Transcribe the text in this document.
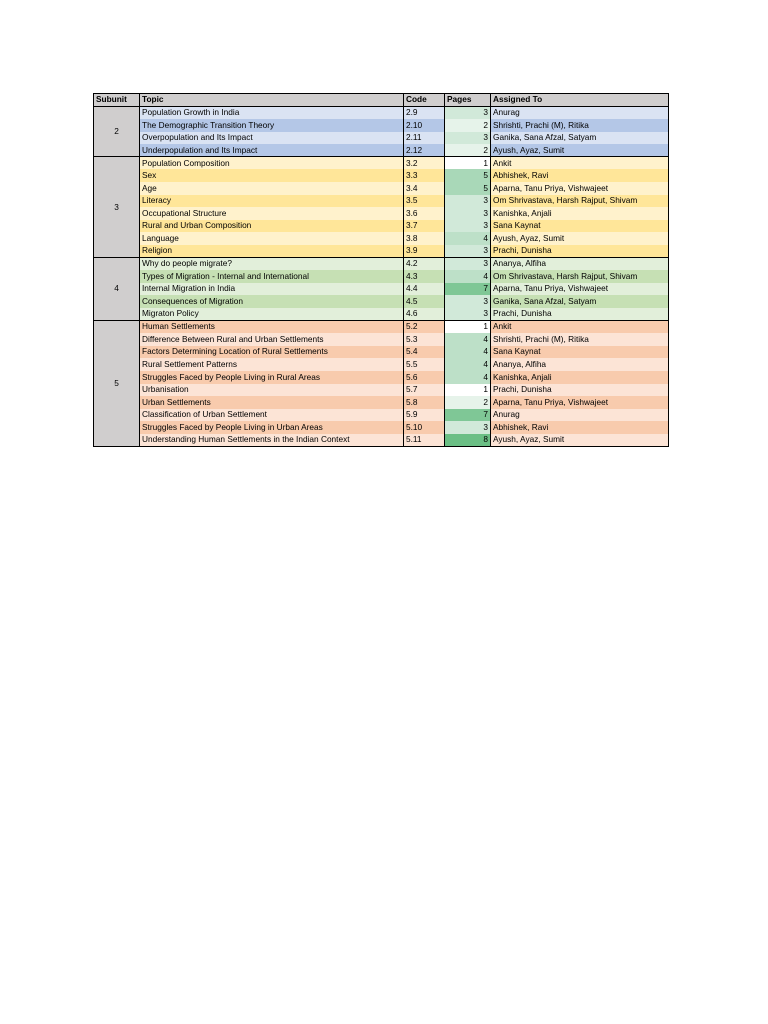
Subunit	Topic	Code	Pages	Assigned To
2	Population Growth in India	2.9	3	Anurag
	The Demographic Transition Theory	2.10	2	Shrishti, Prachi (M), Ritika
	Overpopulation and Its Impact	2.11	3	Ganika, Sana Afzal, Satyam
	Underpopulation and Its Impact	2.12	2	Ayush, Ayaz, Sumit
3	Population Composition	3.2	1	Ankit
	Sex	3.3	5	Abhishek, Ravi
	Age	3.4	5	Aparna, Tanu Priya, Vishwajeet
	Literacy	3.5	3	Om Shrivastava, Harsh Rajput, Shivam
	Occupational Structure	3.6	3	Kanishka, Anjali
	Rural and Urban Composition	3.7	3	Sana Kaynat
	Language	3.8	4	Ayush, Ayaz, Sumit
	Religion	3.9	3	Prachi, Dunisha
4	Why do people migrate?	4.2	3	Ananya, Alfiha
	Types of Migration - Internal and International	4.3	4	Om Shrivastava, Harsh Rajput, Shivam
	Internal Migration in India	4.4	7	Aparna, Tanu Priya, Vishwajeet
	Consequences of Migration	4.5	3	Ganika, Sana Afzal, Satyam
	Migraton Policy	4.6	3	Prachi, Dunisha
5	Human Settlements	5.2	1	Ankit
	Difference Between Rural and Urban Settlements	5.3	4	Shrishti, Prachi (M), Ritika
	Factors Determining Location of Rural Settlements	5.4	4	Sana Kaynat
	Rural Settlement Patterns	5.5	4	Ananya, Alfiha
	Struggles Faced by People Living in Rural Areas	5.6	4	Kanishka, Anjali
	Urbanisation	5.7	1	Prachi, Dunisha
	Urban Settlements	5.8	2	Aparna, Tanu Priya, Vishwajeet
	Classification of Urban Settlement	5.9	7	Anurag
	Struggles Faced by People Living in Urban Areas	5.10	3	Abhishek, Ravi
	Understanding Human Settlements in the Indian Context	5.11	8	Ayush, Ayaz, Sumit
